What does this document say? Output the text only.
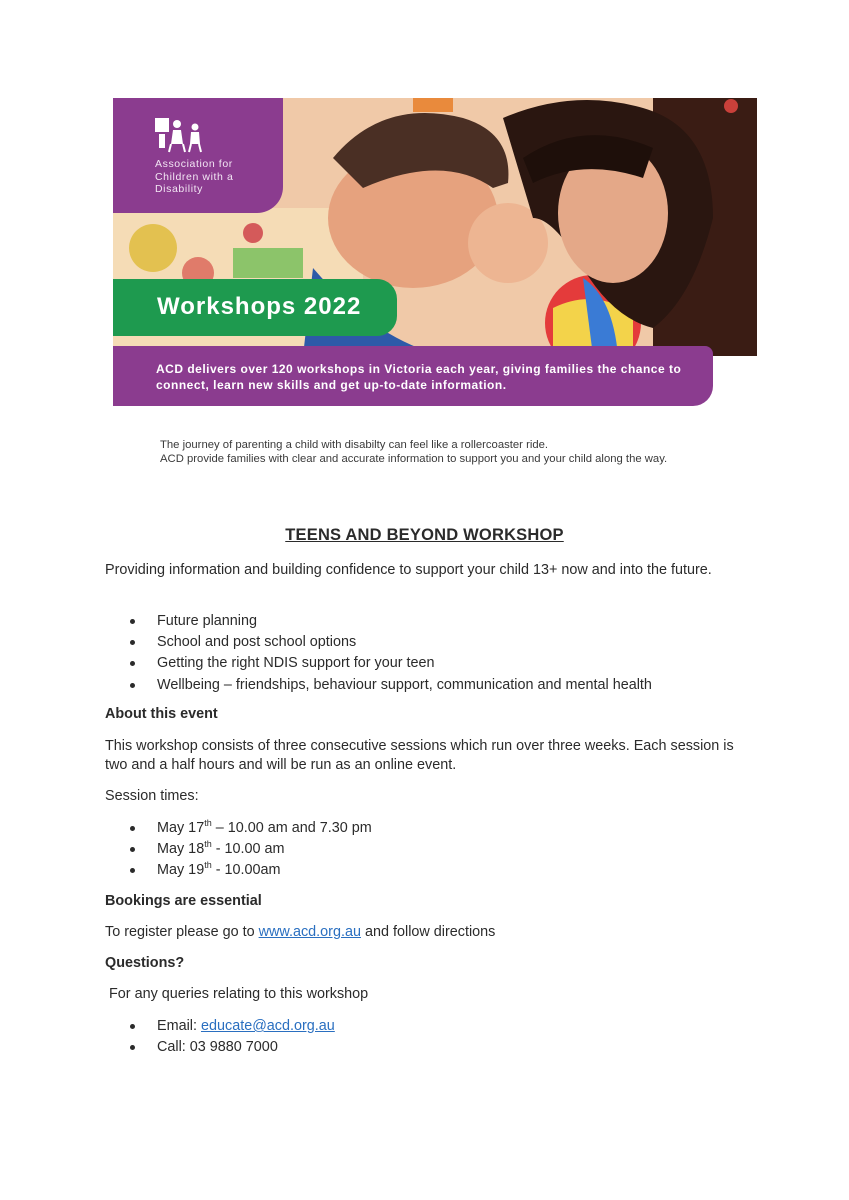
Association for Children with a Disability
Workshops 2022
ACD delivers over 120 workshops in Victoria each year, giving families the chance to connect, learn new skills and get up-to-date information.

The journey of parenting a child with disabilty can feel like a rollercoaster ride.

ACD provide families with clear and accurate information to support you and your child along the way.

TEENS AND BEYOND WORKSHOP
Providing information and building confidence to support your child 13+ now and into the future.
Future planning
School and post school options
Getting the right NDIS support for your teen
Wellbeing – friendships, behaviour support, communication and mental health
About this event
This workshop consists of three consecutive sessions which run over three weeks. Each session is two and a half hours and will be run as an online event.
Session times:
May 17th – 10.00 am and 7.30 pm
May 18th - 10.00 am
May 19th - 10.00am
Bookings are essential
To register please go to www.acd.org.au and follow directions
Questions?
For any queries relating to this workshop
Email: educate@acd.org.au
Call: 03 9880 7000
